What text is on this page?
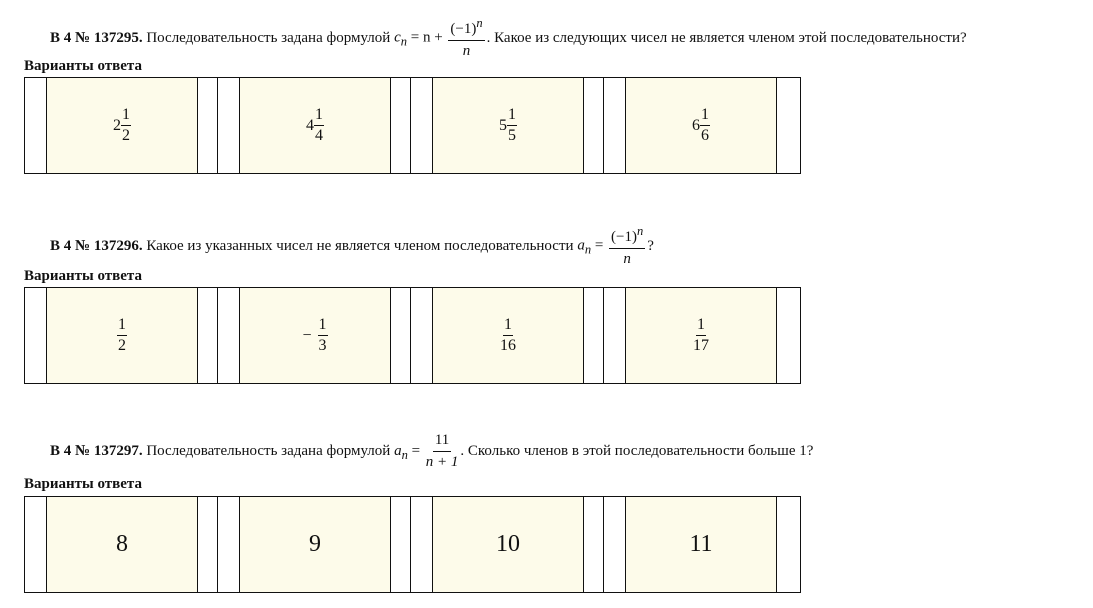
В 4 № 137295.
Последовательность задана формулой
$c_n = n + \frac{(-1)^n}{n}$ . Какое из следующих чисел не является членом этой последовательности?
Варианты ответа
$2 \frac{1}{2}$	$4 \frac{1}{4}$	$5 \frac{1}{5}$	$6 \frac{1}{6}$
В 4 № 137296.
Какое из указанных чисел не является членом последовательности
$a_n = \frac{(-1)^n}{n}$ ?
Варианты ответа
$\frac{1}{2}$	− $\frac{1}{3}$	$\frac{1}{16}$	$\frac{1}{17}$
В 4 № 137297.
Последовательность задана формулой
$a_n = \frac{11}{n + 1}$ . Сколько членов в этой последовательности больше 1?
Варианты ответа
8	9	10	11
